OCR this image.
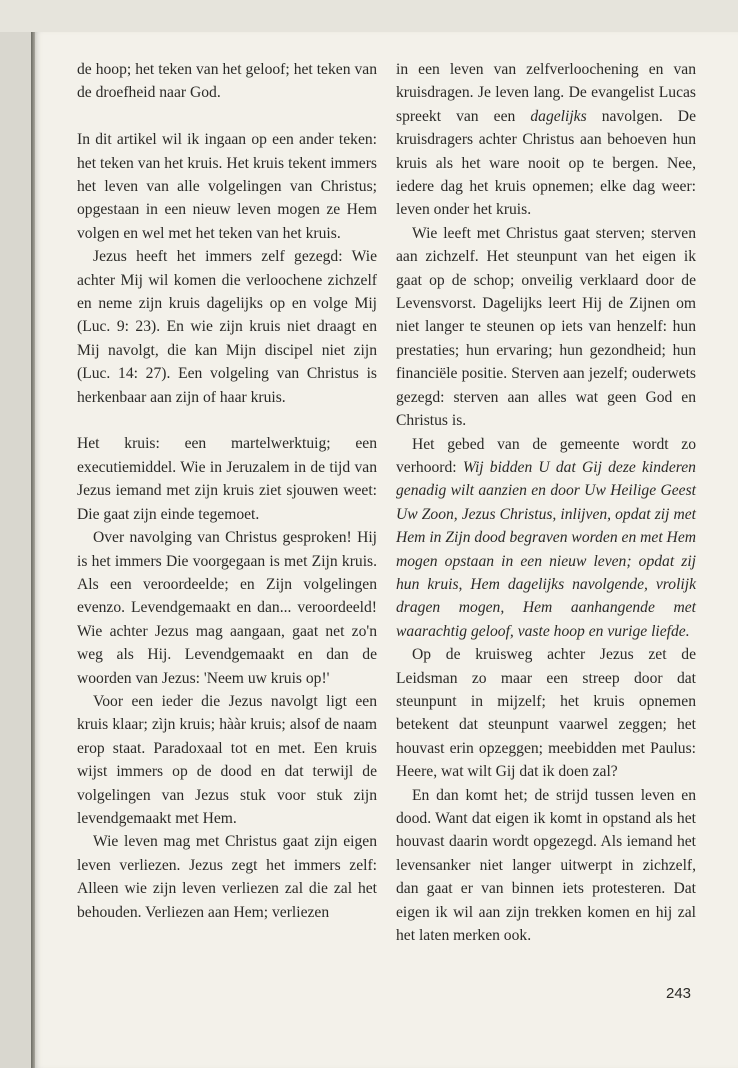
de hoop; het teken van het geloof; het teken van de droefheid naar God.

In dit artikel wil ik ingaan op een ander teken: het teken van het kruis. Het kruis tekent immers het leven van alle volgelingen van Christus; opgestaan in een nieuw leven mogen ze Hem volgen en wel met het teken van het kruis.

Jezus heeft het immers zelf gezegd: Wie achter Mij wil komen die verloochene zichzelf en neme zijn kruis dagelijks op en volge Mij (Luc. 9: 23). En wie zijn kruis niet draagt en Mij navolgt, die kan Mijn discipel niet zijn (Luc. 14: 27). Een volgeling van Christus is herkenbaar aan zijn of haar kruis.

Het kruis: een martelwerktuig; een executiemiddel. Wie in Jeruzalem in de tijd van Jezus iemand met zijn kruis ziet sjouwen weet: Die gaat zijn einde tegemoet.

Over navolging van Christus gesproken! Hij is het immers Die voorgegaan is met Zijn kruis. Als een veroordeelde; en Zijn volgelingen evenzo. Levendgemaakt en dan... veroordeeld! Wie achter Jezus mag aangaan, gaat net zo'n weg als Hij. Levendgemaakt en dan de woorden van Jezus: 'Neem uw kruis op!'

Voor een ieder die Jezus navolgt ligt een kruis klaar; zìjn kruis; hààr kruis; alsof de naam erop staat. Paradoxaal tot en met. Een kruis wijst immers op de dood en dat terwijl de volgelingen van Jezus stuk voor stuk zijn levendgemaakt met Hem.

Wie leven mag met Christus gaat zijn eigen leven verliezen. Jezus zegt het immers zelf: Alleen wie zijn leven verliezen zal die zal het behouden. Verliezen aan Hem; verliezen

in een leven van zelfverloochening en van kruisdragen. Je leven lang. De evangelist Lucas spreekt van een dagelijks navolgen. De kruisdragers achter Christus aan behoeven hun kruis als het ware nooit op te bergen. Nee, iedere dag het kruis opnemen; elke dag weer: leven onder het kruis.

Wie leeft met Christus gaat sterven; sterven aan zichzelf. Het steunpunt van het eigen ik gaat op de schop; onveilig verklaard door de Levensvorst. Dagelijks leert Hij de Zijnen om niet langer te steunen op iets van henzelf: hun prestaties; hun ervaring; hun gezondheid; hun financiële positie. Sterven aan jezelf; ouderwets gezegd: sterven aan alles wat geen God en Christus is.

Het gebed van de gemeente wordt zo verhoord: Wij bidden U dat Gij deze kinderen genadig wilt aanzien en door Uw Heilige Geest Uw Zoon, Jezus Christus, inlijven, opdat zij met Hem in Zijn dood begraven worden en met Hem mogen opstaan in een nieuw leven; opdat zij hun kruis, Hem dagelijks navolgende, vrolijk dragen mogen, Hem aanhangende met waarachtig geloof, vaste hoop en vurige liefde.

Op de kruisweg achter Jezus zet de Leidsman zo maar een streep door dat steunpunt in mijzelf; het kruis opnemen betekent dat steunpunt vaarwel zeggen; het houvast erin opzeggen; meebidden met Paulus: Heere, wat wilt Gij dat ik doen zal?

En dan komt het; de strijd tussen leven en dood. Want dat eigen ik komt in opstand als het houvast daarin wordt opgezegd. Als iemand het levensanker niet langer uitwerpt in zichzelf, dan gaat er van binnen iets protesteren. Dat eigen ik wil aan zijn trekken komen en hij zal het laten merken ook.

243
